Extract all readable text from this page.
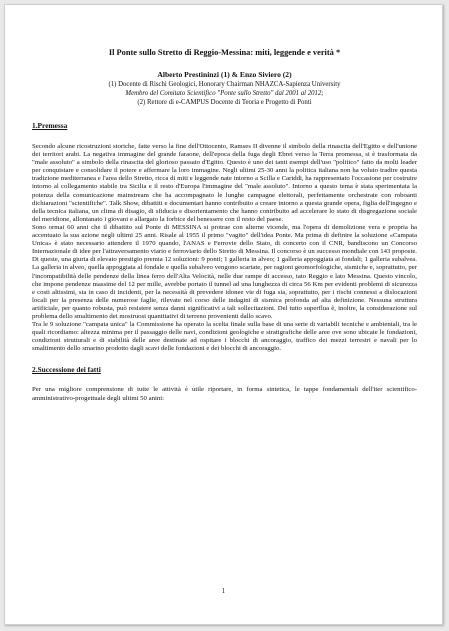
Il Ponte sullo Stretto di Reggio-Messina: miti, leggende e verità *

Alberto Prestininzi (1) & Enzo Siviero (2)

(1) Docente di Rischi Geologici, Honorary Chairman NHAZCA-Sapienza University

Membro del Comitato Scientifico "Ponte sullo Stretto" dal 2001 al 2012;

(2) Rettore di e-CAMPUS Docente di Teoria e Progetto di Ponti

1.Premessa

Secondo alcune ricostruzioni storiche, fatte verso la fine dell'Ottocento, Ramses II divenne il simbolo della rinascita dell'Egitto e dell'unione dei territori arabi. La negativa immagine del grande faraone, dell'epoca della fuga degli Ebrei verso la Terra promessa, si è trasformata da "male assoluto" a simbolo della rinascita del glorioso passato d'Egitto. Questo è uno dei tanti esempi dell'uso "politico" fatto da molti leader per conquistare e consolidare il potere e affermare la loro immagine. Negli ultimi 25-30 anni la politica italiana non ha voluto tradire questa tradizione mediterranea e l'area dello Stretto, ricca di miti e leggende nate intorno a Scilla e Cariddi, ha rappresentato l'occasione per costruire intorno al collegamento stabile tra Sicilia e il resto d'Europa l'immagine del "male assoluto". Intorno a questo tema è stata sperimentata la potenza della comunicazione mainstream che ha accompagnato le lunghe campagne elettorali, perfettamente orchestrate con roboanti dichiarazioni "scientifiche". Talk Show, dibattiti e documentari hanno contribuito a creare intorno a questa grande opera, figlia dell'ingegno e della tecnica italiana, un clima di disagio, di sfiducia e disorientamento che hanno contribuito ad accelerare lo stato di disgregazione sociale del meridione, allontanato i giovani e allargato la forbice del benessere con il resto del paese.

Sono ormai 60 anni che il dibattito sul Ponte di MESSINA si protrae con alterne vicende, ma l'opera di demolizione vera e propria ha accentuato la sua azione negli ultimi 25 anni. Risale al 1955 il primo "vagito" dell'idea Ponte. Ma prima di definire la soluzione «Campata Unica» è stato necessario attendere il 1970 quando, l'ANAS e Ferrovie dello Stato, di concerto con il CNR, bandiscono un Concorso Internazionale di idee per l'attraversamento viario e ferroviario dello Stretto di Messina. Il concorso è un successo mondiale con 143 proposte. Di queste, una giuria di elevato prestigio premia 12 soluzioni: 9 ponti; 1 galleria in alveo; 1 galleria appoggiata ai fondali; 1 galleria subalvea. La galleria in alveo, quella appoggiata al fondale e quella subalveo vengono scartate, per ragioni geomorfologiche, sismiche e, soprattutto, per l'incompatibilità delle pendenze della linea ferro dell'Alta Velocità, nelle due rampe di accesso, tato Reggio e lato Messina. Questo vincolo, che impone pendenze massime del 12 per mille, avrebbe portato il tunnel ad una lunghezza di circa 56 Km per evidenti problemi di sicurezza e costi altissimi, sia in caso di incidenti, per la necessità di prevedere idonee vie di fuga sia, soprattutto, per i rischi connessi a dislocazioni locali per la presenza delle numerose faglie, rilevate nel corso delle indagini di sismica profonda ad alta definizione. Nessuna struttura artificiale, per quanto robusta, può resistere senza danni significativi a tali sollecitazioni. Del tutto superflua è, inoltre, la considerazione sul problema dello smaltimento dei mostruosi quantitativi di terreno provenienti dallo scavo.

Tra le 9 soluzione "campata unica" la Commissione ha operato la scelta finale sulla base di una serie di variabili tecniche e ambientali, tra le quali ricordiamo: altezza minima per il passaggio delle navi, condizioni geologiche e stratigrafiche delle aree ove sono ubicate le fondazioni, condizioni strutturali e di stabilità delle aree destinate ad ospitare i blocchi di ancoraggio, traffico dei mezzi terrestri e navali per lo smaltimento dello smarino prodotto dagli scavi delle fondazioni e dei blocchi di ancoraggio.

2.Successione dei fatti

Per una migliore comprensione di tutte le attività è utile riportare, in forma sintetica, le tappe fondamentali dell'iter scientifico-amministrativo-progettuale degli ultimi 50 anini:

1
